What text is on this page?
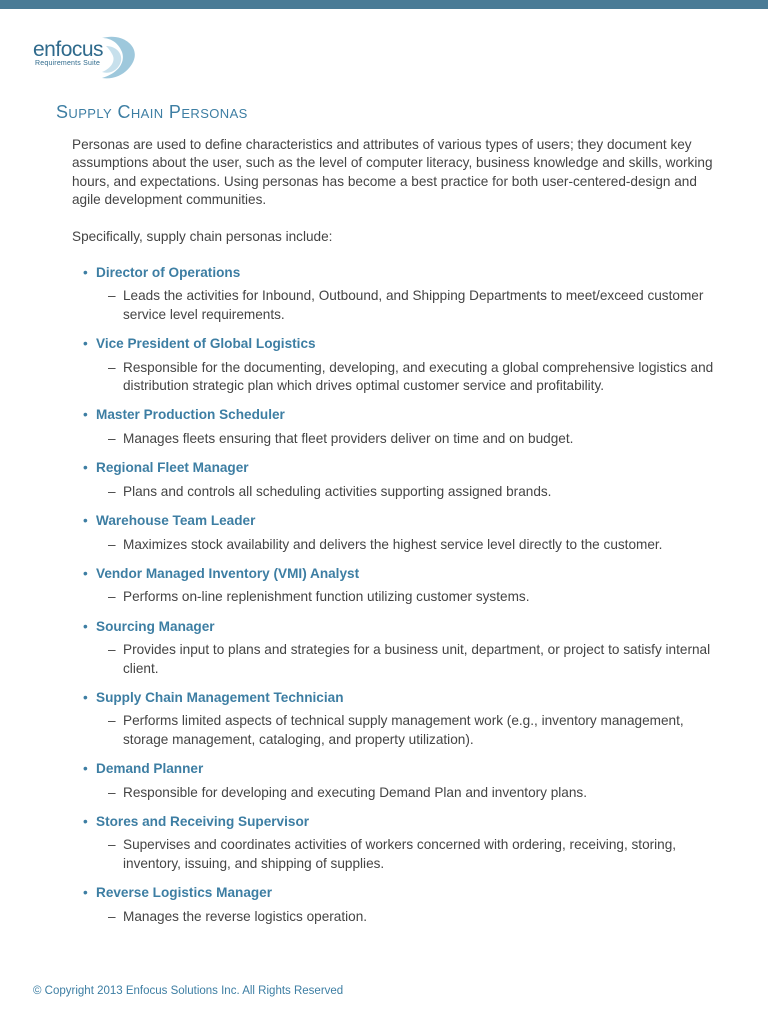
enfocus
Requirements Suite
Supply Chain Personas

Personas are used to define characteristics and attributes of various types of users; they document key assumptions about the user, such as the level of computer literacy, business knowledge and skills, working hours, and expectations. Using personas has become a best practice for both user-centered-design and agile development communities.

Specifically, supply chain personas include:

• Director of Operations
– Leads the activities for Inbound, Outbound, and Shipping Departments to meet/exceed customer service level requirements.
• Vice President of Global Logistics
– Responsible for the documenting, developing, and executing a global comprehensive logistics and distribution strategic plan which drives optimal customer service and profitability.
• Master Production Scheduler
– Manages fleets ensuring that fleet providers deliver on time and on budget.
• Regional Fleet Manager
– Plans and controls all scheduling activities supporting assigned brands.
• Warehouse Team Leader
– Maximizes stock availability and delivers the highest service level directly to the customer.
• Vendor Managed Inventory (VMI) Analyst
– Performs on-line replenishment function utilizing customer systems.
• Sourcing Manager
– Provides input to plans and strategies for a business unit, department, or project to satisfy internal client.
• Supply Chain Management Technician
– Performs limited aspects of technical supply management work (e.g., inventory management, storage management, cataloging, and property utilization).
• Demand Planner
– Responsible for developing and executing Demand Plan and inventory plans.
• Stores and Receiving Supervisor
– Supervises and coordinates activities of workers concerned with ordering, receiving, storing, inventory, issuing, and shipping of supplies.
• Reverse Logistics Manager
– Manages the reverse logistics operation.
© Copyright 2013 Enfocus Solutions Inc. All Rights Reserved
